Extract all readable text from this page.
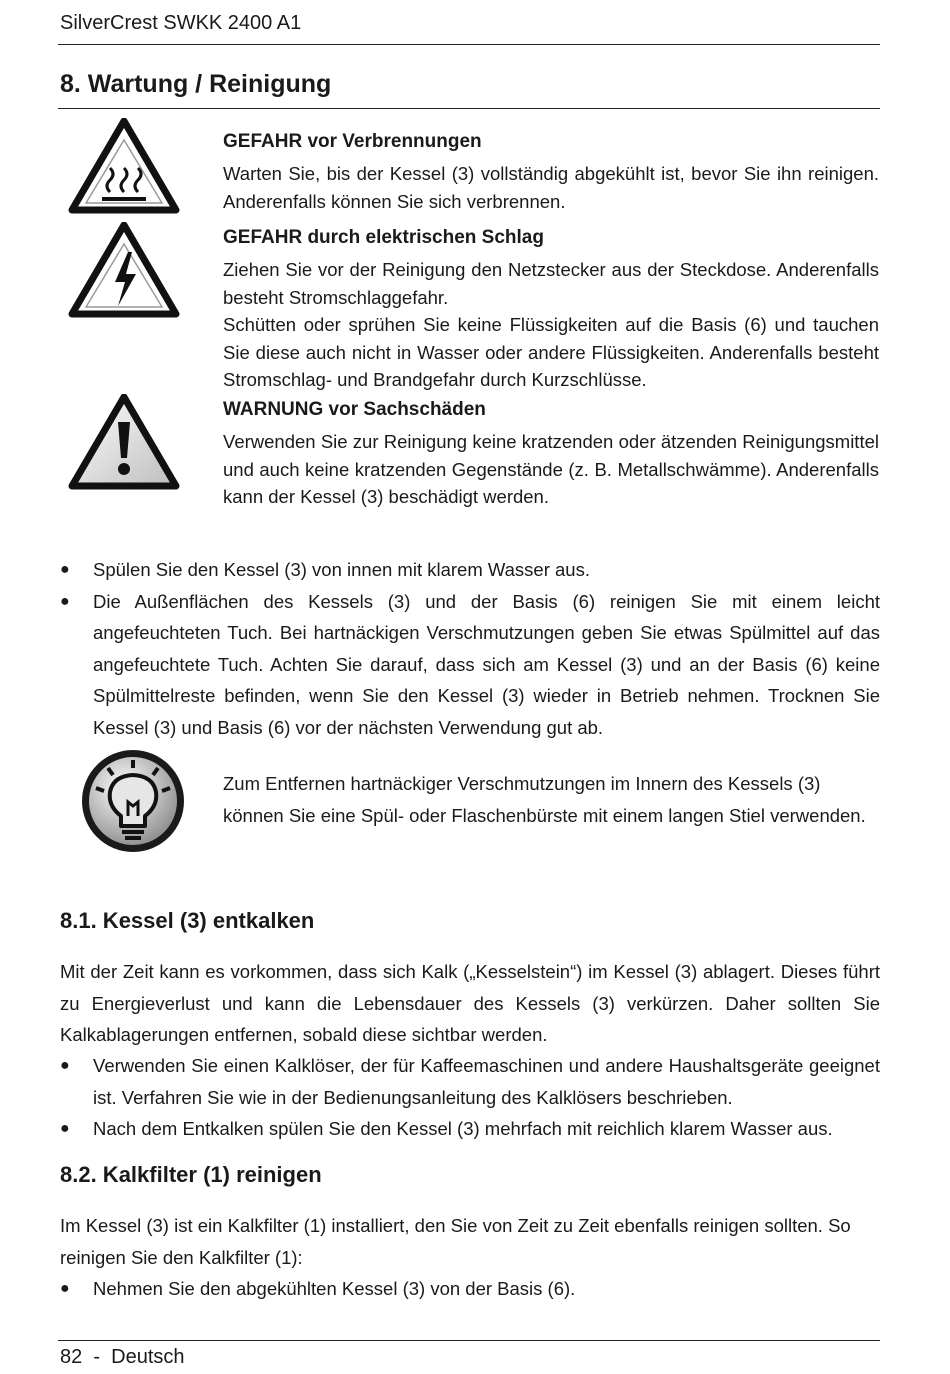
SilverCrest SWKK 2400 A1
8. Wartung / Reinigung
GEFAHR vor Verbrennungen

Warten Sie, bis der Kessel (3) vollständig abgekühlt ist, bevor Sie ihn reinigen. Anderenfalls können Sie sich verbrennen.

GEFAHR durch elektrischen Schlag

Ziehen Sie vor der Reinigung den Netzstecker aus der Steckdose. Anderenfalls besteht Stromschlaggefahr.

Schütten oder sprühen Sie keine Flüssigkeiten auf die Basis (6) und tauchen Sie diese auch nicht in Wasser oder andere Flüssigkeiten. Anderenfalls besteht Stromschlag- und Brandgefahr durch Kurzschlüsse.

WARNUNG vor Sachschäden

Verwenden Sie zur Reinigung keine kratzenden oder ätzenden Reinigungsmittel und auch keine kratzenden Gegenstände (z. B. Metallschwämme). Anderenfalls kann der Kessel (3) beschädigt werden.

● Spülen Sie den Kessel (3) von innen mit klarem Wasser aus.
● Die Außenflächen des Kessels (3) und der Basis (6) reinigen Sie mit einem leicht angefeuchteten Tuch. Bei hartnäckigen Verschmutzungen geben Sie etwas Spülmittel auf das angefeuchtete Tuch. Achten Sie darauf, dass sich am Kessel (3) und an der Basis (6) keine Spülmittelreste befinden, wenn Sie den Kessel (3) wieder in Betrieb nehmen. Trocknen Sie Kessel (3) und Basis (6) vor der nächsten Verwendung gut ab.

Zum Entfernen hartnäckiger Verschmutzungen im Innern des Kessels (3) können Sie eine Spül- oder Flaschenbürste mit einem langen Stiel verwenden.

8.1. Kessel (3) entkalken

Mit der Zeit kann es vorkommen, dass sich Kalk („Kesselstein“) im Kessel (3) ablagert. Dieses führt zu Energieverlust und kann die Lebensdauer des Kessels (3) verkürzen. Daher sollten Sie Kalkablagerungen entfernen, sobald diese sichtbar werden.

● Verwenden Sie einen Kalklöser, der für Kaffeemaschinen und andere Haushaltsgeräte geeignet ist. Verfahren Sie wie in der Bedienungsanleitung des Kalklösers beschrieben.
● Nach dem Entkalken spülen Sie den Kessel (3) mehrfach mit reichlich klarem Wasser aus.
8.2. Kalkfilter (1) reinigen

Im Kessel (3) ist ein Kalkfilter (1) installiert, den Sie von Zeit zu Zeit ebenfalls reinigen sollten. So reinigen Sie den Kalkfilter (1):

● Nehmen Sie den abgekühlten Kessel (3) von der Basis (6).
82  -  Deutsch
